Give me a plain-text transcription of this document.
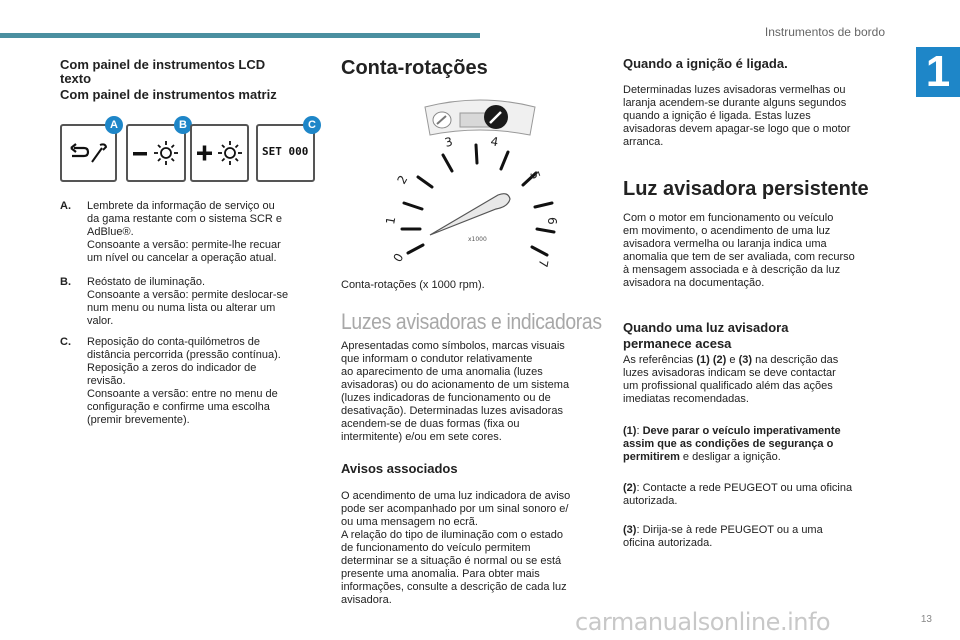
Instrumentos de bordo
1
Com painel de instrumentos LCD
texto
Com painel de instrumentos matriz
A	B	C
SET 000
A. Lembrete da informação de serviço ou
da gama restante com o sistema SCR e
AdBlue®.
Consoante a versão: permite-lhe recuar
um nível ou cancelar a operação atual.
B. Reóstato de iluminação.
Consoante a versão: permite deslocar-se
num menu ou numa lista ou alterar um
valor.
C. Reposição do conta-quilómetros de
distância percorrida (pressão contínua).
Reposição a zeros do indicador de
revisão.
Consoante a versão: entre no menu de
configuração e confirme uma escolha
(premir brevemente).
Conta-rotações
0
1
2
3	4
5
6
7
x1000
Conta-rotações (x 1000 rpm).
Luzes avisadoras e indicadoras
Apresentadas como símbolos, marcas visuais
que informam o condutor relativamente
ao aparecimento de uma anomalia (luzes
avisadoras) ou do acionamento de um sistema
(luzes indicadoras de funcionamento ou de
desativação). Determinadas luzes avisadoras
acendem-se de duas formas (fixa ou
intermitente) e/ou em sete cores.
Avisos associados
O acendimento de uma luz indicadora de aviso
pode ser acompanhado por um sinal sonoro e/
ou uma mensagem no ecrã.
A relação do tipo de iluminação com o estado
de funcionamento do veículo permitem
determinar se a situação é normal ou se está
presente uma anomalia. Para obter mais
informações, consulte a descrição de cada luz
avisadora.
Quando a ignição é ligada.
Determinadas luzes avisadoras vermelhas ou
laranja acendem-se durante alguns segundos
quando a ignição é ligada. Estas luzes
avisadoras devem apagar-se logo que o motor
arranca.
Luz avisadora persistente
Com o motor em funcionamento ou veículo
em movimento, o acendimento de uma luz
avisadora vermelha ou laranja indica uma
anomalia que tem de ser avaliada, com recurso
à mensagem associada e à descrição da luz
avisadora na documentação.
Quando uma luz avisadora
permanece acesa
As referências (1) (2) e (3) na descrição das
luzes avisadoras indicam se deve contactar
um profissional qualificado além das ações
imediatas recomendadas.
(1): Deve parar o veículo imperativamente
assim que as condições de segurança o
permitirem e desligar a ignição.
(2): Contacte a rede PEUGEOT ou uma oficina
autorizada.
(3): Dirija-se à rede PEUGEOT ou a uma
oficina autorizada.
carmanualsonline.info	13
